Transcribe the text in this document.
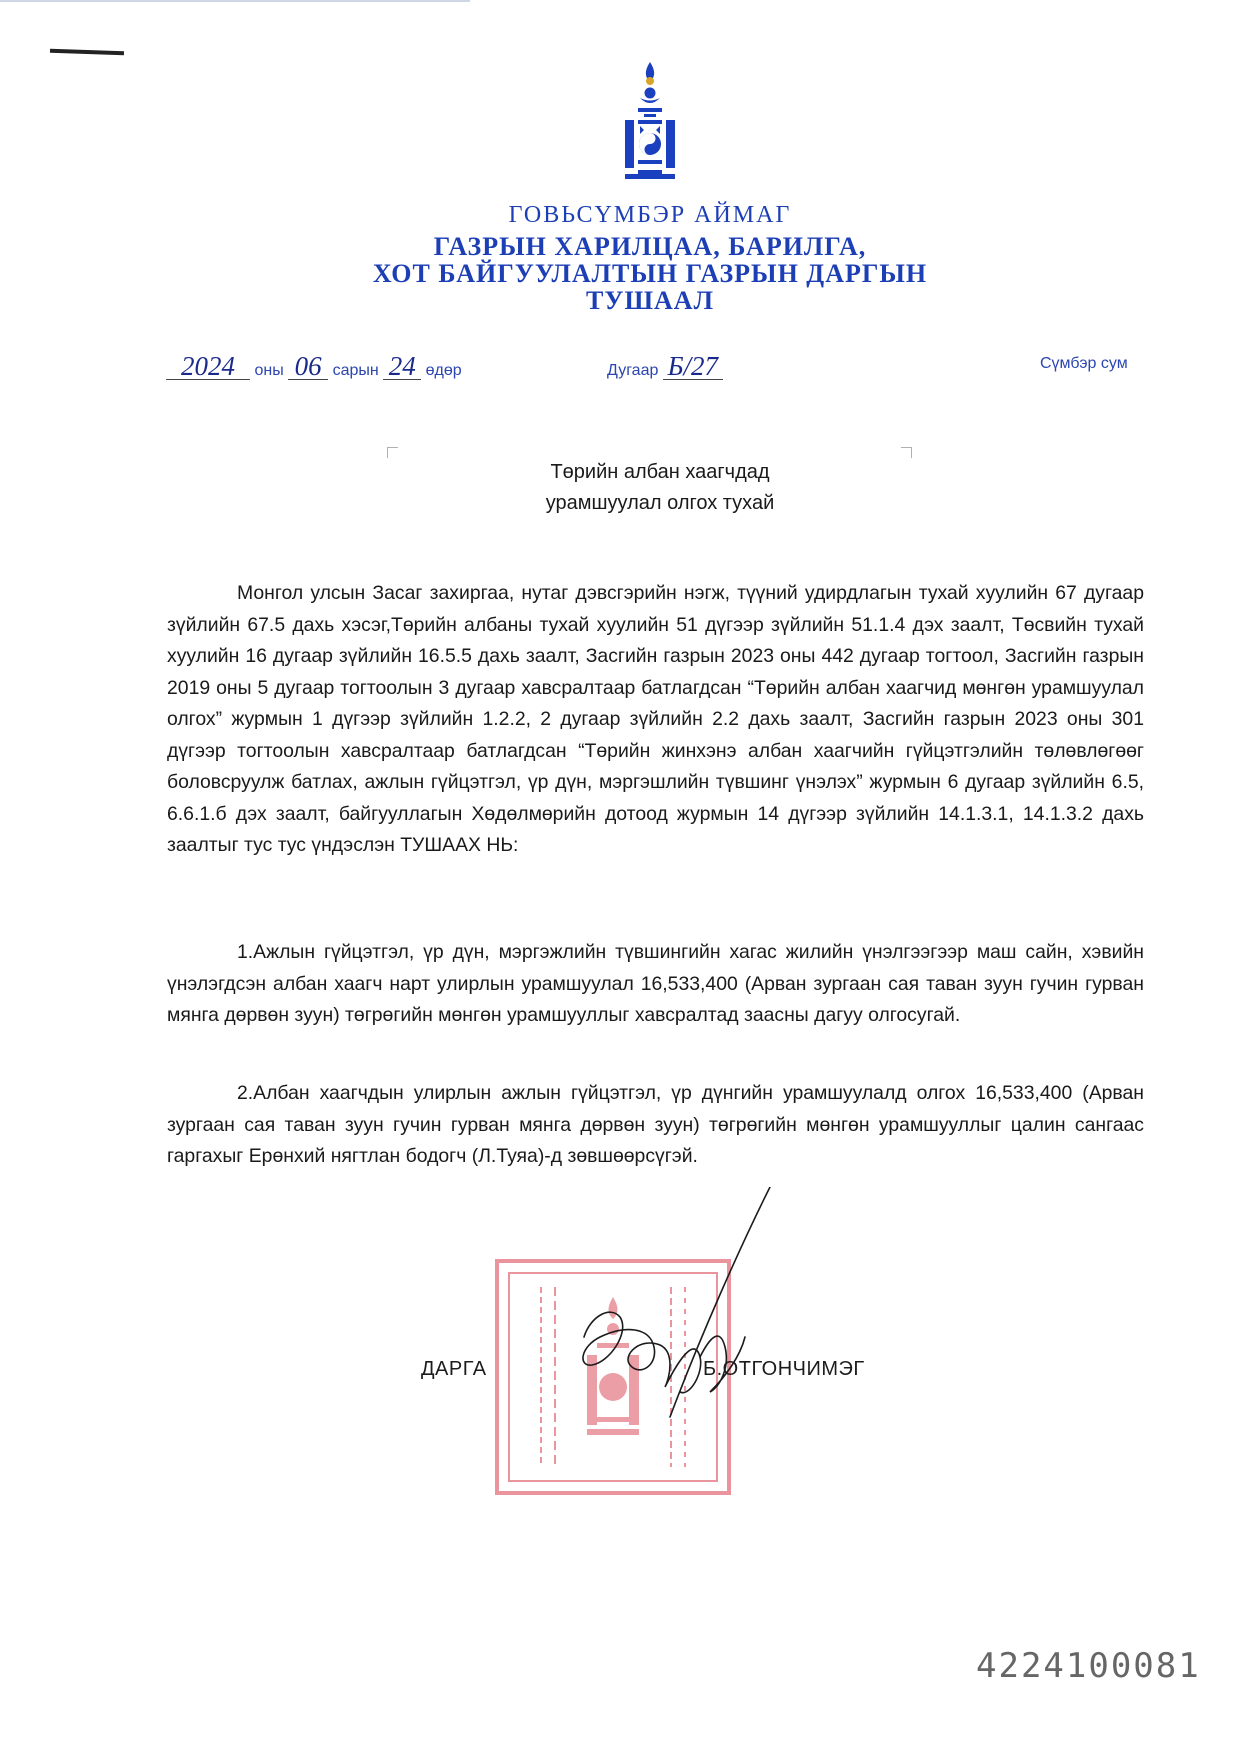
ГОВЬСҮМБЭР АЙМАГ
ГАЗРЫН ХАРИЛЦАА, БАРИЛГА,
ХОТ БАЙГУУЛАЛТЫН ГАЗРЫН ДАРГЫН
ТУШААЛ
2024 оны 06 сарын 24 өдөр	Дугаар Б/27	Сүмбэр сум
Төрийн албан хаагчдад
урамшуулал олгох тухай
Монгол улсын Засаг захиргаа, нутаг дэвсгэрийн нэгж, түүний удирдлагын тухай хуулийн 67 дугаар зүйлийн 67.5 дахь хэсэг,Төрийн албаны тухай хуулийн 51 дүгээр зүйлийн 51.1.4 дэх заалт, Төсвийн тухай хуулийн 16 дугаар зүйлийн 16.5.5 дахь заалт, Засгийн газрын 2023 оны 442 дугаар тогтоол, Засгийн газрын 2019 оны 5 дугаар тогтоолын 3 дугаар хавсралтаар батлагдсан “Төрийн албан хаагчид мөнгөн урамшуулал олгох” журмын 1 дүгээр зүйлийн 1.2.2, 2 дугаар зүйлийн 2.2 дахь заалт, Засгийн газрын 2023 оны 301 дүгээр тогтоолын хавсралтаар батлагдсан “Төрийн жинхэнэ албан хаагчийн гүйцэтгэлийн төлөвлөгөөг боловсруулж батлах, ажлын гүйцэтгэл, үр дүн, мэргэшлийн түвшинг үнэлэх” журмын 6 дугаар зүйлийн 6.5, 6.6.1.б дэх заалт, байгууллагын Хөдөлмөрийн дотоод журмын 14 дүгээр зүйлийн 14.1.3.1, 14.1.3.2 дахь заалтыг тус тус үндэслэн ТУШААХ НЬ:
1.Ажлын гүйцэтгэл, үр дүн, мэргэжлийн түвшингийн хагас жилийн үнэлгээгээр маш сайн, хэвийн үнэлэгдсэн албан хаагч нарт улирлын урамшуулал 16,533,400 (Арван зургаан сая таван зуун гучин гурван мянга дөрвөн зуун) төгрөгийн мөнгөн урамшууллыг хавсралтад заасны дагуу олгосугай.
2.Албан хаагчдын улирлын ажлын гүйцэтгэл, үр дүнгийн урамшуулалд олгох 16,533,400 (Арван зургаан сая таван зуун гучин гурван мянга дөрвөн зуун) төгрөгийн мөнгөн урамшууллыг цалин сангаас гаргахыг Ерөнхий нягтлан бодогч (Л.Туяа)-д зөвшөөрсүгэй.
ДАРГА	Б.ОТГОНЧИМЭГ
4224100081
